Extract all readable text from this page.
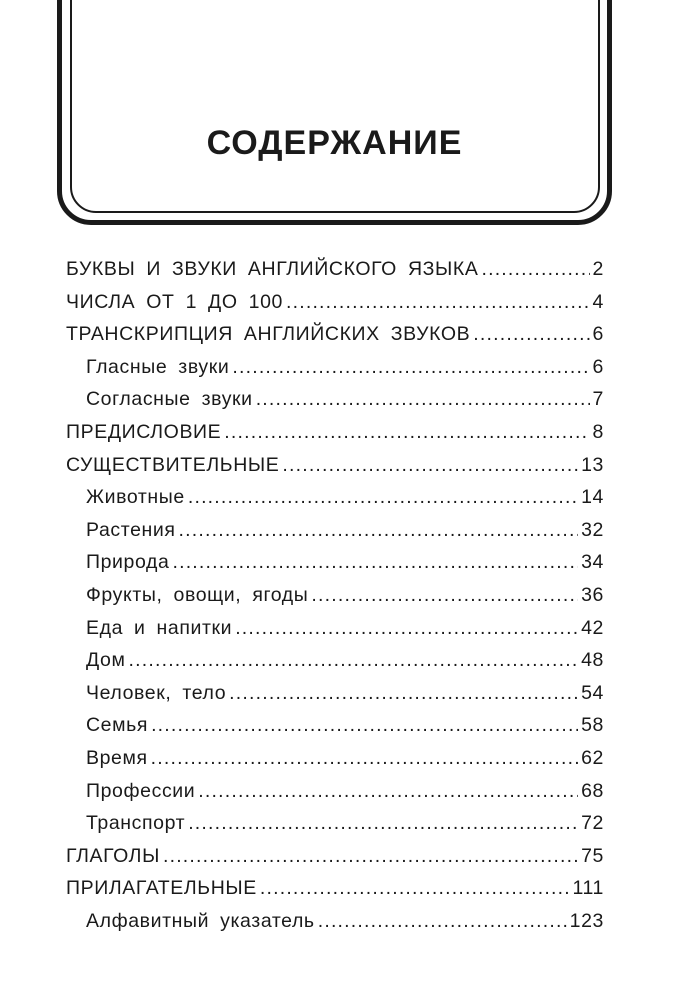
СОДЕРЖАНИЕ
БУКВЫ И ЗВУКИ АНГЛИЙСКОГО ЯЗЫКА .....	2
ЧИСЛА ОТ 1 ДО 100 .....	4
ТРАНСКРИПЦИЯ АНГЛИЙСКИХ ЗВУКОВ .....	6
Гласные звуки .....	6
Согласные звуки .....	7
ПРЕДИСЛОВИЕ .....	8
СУЩЕСТВИТЕЛЬНЫЕ .....	13
Животные .....	14
Растения .....	32
Природа .....	34
Фрукты, овощи, ягоды .....	36
Еда и напитки .....	42
Дом .....	48
Человек, тело .....	54
Семья .....	58
Время .....	62
Профессии .....	68
Транспорт .....	72
ГЛАГОЛЫ .....	75
ПРИЛАГАТЕЛЬНЫЕ .....	111
Алфавитный указатель .....	123
